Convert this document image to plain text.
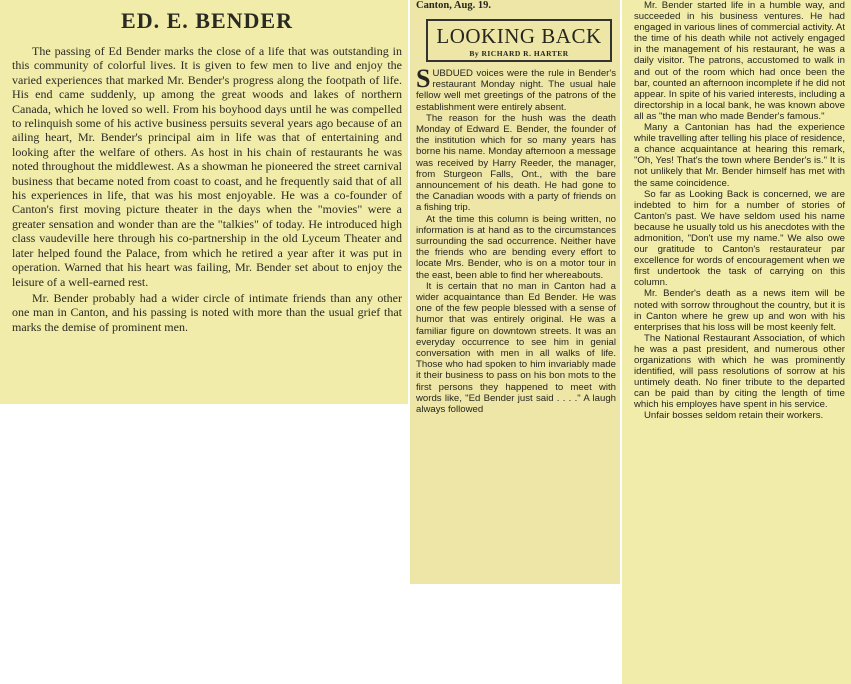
ED. E. BENDER

The passing of Ed Bender marks the close of a life that was outstanding in this community of colorful lives. It is given to few men to live and enjoy the varied experiences that marked Mr. Bender's progress along the footpath of life. His end came suddenly, up among the great woods and lakes of northern Canada, which he loved so well. From his boyhood days until he was compelled to relinquish some of his active business persuits several years ago because of an ailing heart, Mr. Bender's principal aim in life was that of entertaining and looking after the welfare of others. As host in his chain of restaurants he was noted throughout the middlewest. As a showman he pioneered the street carnival business that became noted from coast to coast, and he frequently said that of all his experiences in life, that was his most enjoyable. He was a co-founder of Canton's first moving picture theater in the days when the "movies" were a greater sensation and wonder than are the "talkies" of today. He introduced high class vaudeville here through his co-partnership in the old Lyceum Theater and later helped found the Palace, from which he retired a year after it was put in operation. Warned that his heart was failing, Mr. Bender set about to enjoy the leisure of a well-earned rest.

Mr. Bender probably had a wider circle of intimate friends than any other one man in Canton, and his passing is noted with more than the usual grief that marks the demise of prominent men.

Canton, Aug. 19.
LOOKING BACK
By RICHARD R. HARTER

SUBDUED voices were the rule in Bender's restaurant Monday night. The usual hale fellow well met greetings of the patrons of the establishment were entirely absent.

The reason for the hush was the death Monday of Edward E. Bender, the founder of the institution which for so many years has borne his name. Monday afternoon a message was received by Harry Reeder, the manager, from Sturgeon Falls, Ont., with the bare announcement of his death. He had gone to the Canadian woods with a party of friends on a fishing trip.

At the time this column is being written, no information is at hand as to the circumstances surrounding the sad occurrence. Neither have the friends who are bending every effort to locate Mrs. Bender, who is on a motor tour in the east, been able to find her whereabouts.

It is certain that no man in Canton had a wider acquaintance than Ed Bender. He was one of the few people blessed with a sense of humor that was entirely original. He was a familiar figure on downtown streets. It was an everyday occurrence to see him in genial conversation with men in all walks of life. Those who had spoken to him invariably made it their business to pass on his bon mots to the first persons they happened to meet with words like, "Ed Bender just said . . . ." A laugh always followed

Mr. Bender started life in a humble way, and succeeded in his business ventures. He had engaged in various lines of commercial activity. At the time of his death while not actively engaged in the management of his restaurant, he was a daily visitor. The patrons, accustomed to walk in and out of the room which had once been the bar, counted an afternoon incomplete if he did not appear. In spite of his varied interests, including a directorship in a local bank, he was known above all as "the man who made Bender's famous."

Many a Cantonian has had the experience while travelling after telling his place of residence, a chance acquaintance at hearing this remark, "Oh, Yes! That's the town where Bender's is." It is not unlikely that Mr. Bender himself has met with the same coincidence.

So far as Looking Back is concerned, we are indebted to him for a number of stories of Canton's past. We have seldom used his name because he usually told us his anecdotes with the admonition, "Don't use my name." We also owe our gratitude to Canton's restaurateur par excellence for words of encouragement when we first undertook the task of carrying on this column.

Mr. Bender's death as a news item will be noted with sorrow throughout the country, but it is in Canton where he grew up and won with his enterprises that his loss will be most keenly felt.

The National Restaurant Association, of which he was a past president, and numerous other organizations with which he was prominently identified, will pass resolutions of sorrow at his untimely death. No finer tribute to the departed can be paid than by citing the length of time which his employes have spent in his service.

Unfair bosses seldom retain their workers.
